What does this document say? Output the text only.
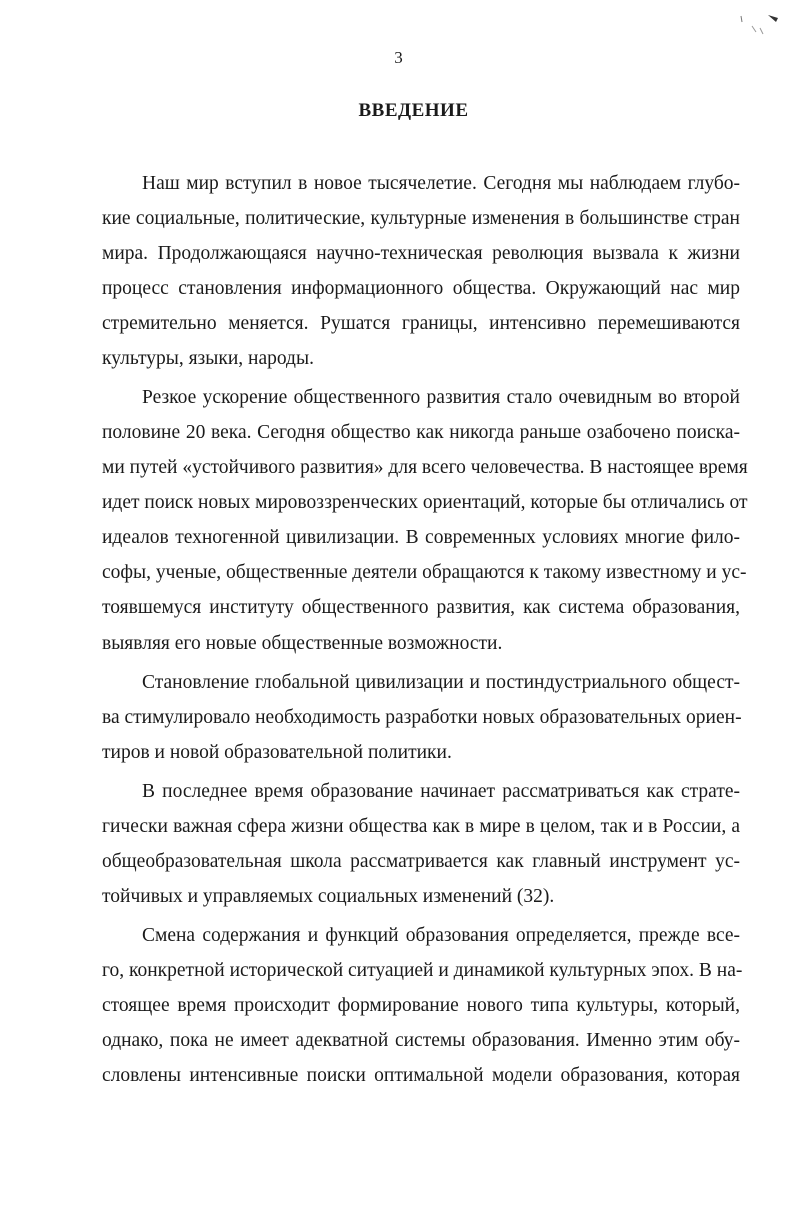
3
ВВЕДЕНИЕ
Наш мир вступил в новое тысячелетие. Сегодня мы наблюдаем глубо-
кие социальные, политические, культурные изменения в большинстве стран
мира. Продолжающаяся научно-техническая революция вызвала к жизни
процесс становления информационного общества. Окружающий нас мир
стремительно меняется. Рушатся границы, интенсивно перемешиваются
культуры, языки, народы.
Резкое ускорение общественного развития стало очевидным во второй
половине 20 века. Сегодня общество как никогда раньше озабочено поиска-
ми путей «устойчивого развития» для всего человечества. В настоящее время
идет поиск новых мировоззренческих ориентаций, которые бы отличались от
идеалов техногенной цивилизации. В современных условиях многие фило-
софы, ученые, общественные деятели обращаются к такому известному и ус-
тоявшемуся институту общественного развития, как система образования,
выявляя его новые общественные возможности.
Становление глобальной цивилизации и постиндустриального общест-
ва стимулировало необходимость разработки новых образовательных ориен-
тиров и новой образовательной политики.
В последнее время образование начинает рассматриваться как страте-
гически важная сфера жизни общества как в мире в целом, так и в России, а
общеобразовательная школа рассматривается как главный инструмент ус-
тойчивых и управляемых социальных изменений (32).
Смена содержания и функций образования определяется, прежде все-
го, конкретной исторической ситуацией и динамикой культурных эпох. В на-
стоящее время происходит формирование нового типа культуры, который,
однако, пока не имеет адекватной системы образования. Именно этим обу-
словлены интенсивные поиски оптимальной модели образования, которая
